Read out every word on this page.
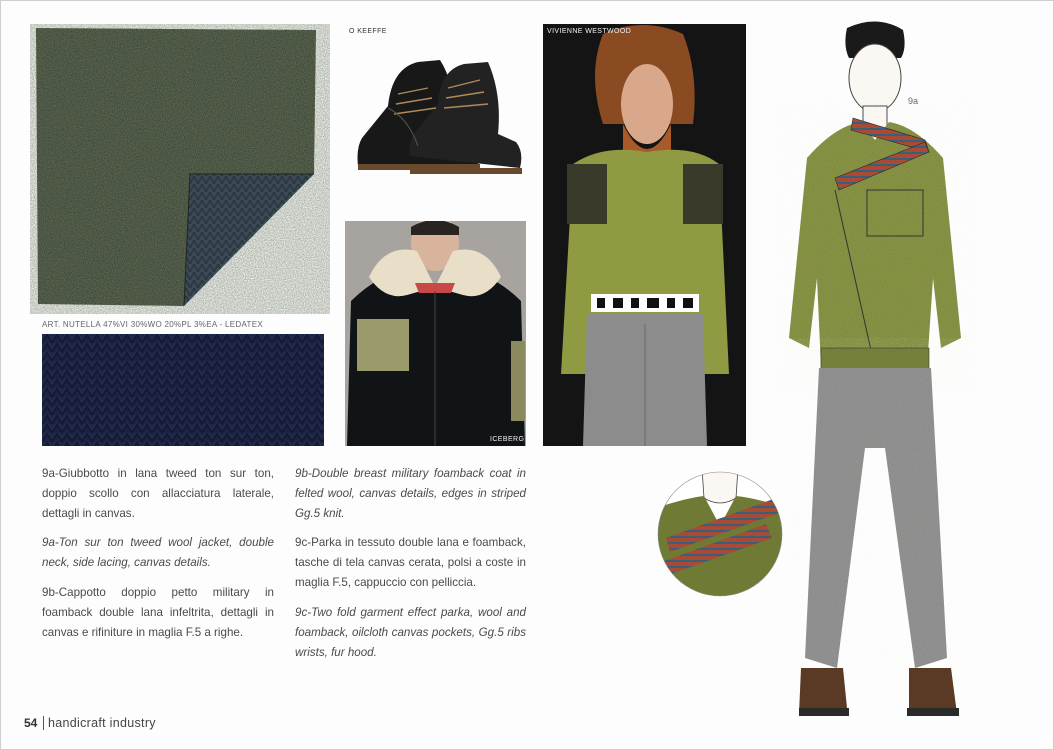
ART. NUTELLA 47%VI 30%WO 20%PL 3%EA - LEDATEX
O KEEFFE
ICEBERG
VIVIENNE WESTWOOD
9a
9a-Giubbotto in lana tweed ton sur ton, doppio scollo con allacciatura laterale, dettagli in canvas.
9a-Ton sur ton tweed wool jacket, double neck, side lacing, canvas details.
9b-Cappotto doppio petto military in foamback double lana infeltrita, dettagli in canvas e rifiniture in maglia F.5 a righe.
9b-Double breast military foamback coat in felted wool, canvas details, edges in striped Gg.5 knit.
9c-Parka in tessuto double lana e foamback, tasche di tela canvas cerata, polsi a coste in maglia F.5, cappuccio con pelliccia.
9c-Two fold garment effect parka, wool and foamback, oilcloth canvas pockets, Gg.5 ribs wrists, fur hood.
54 handicraft industry
